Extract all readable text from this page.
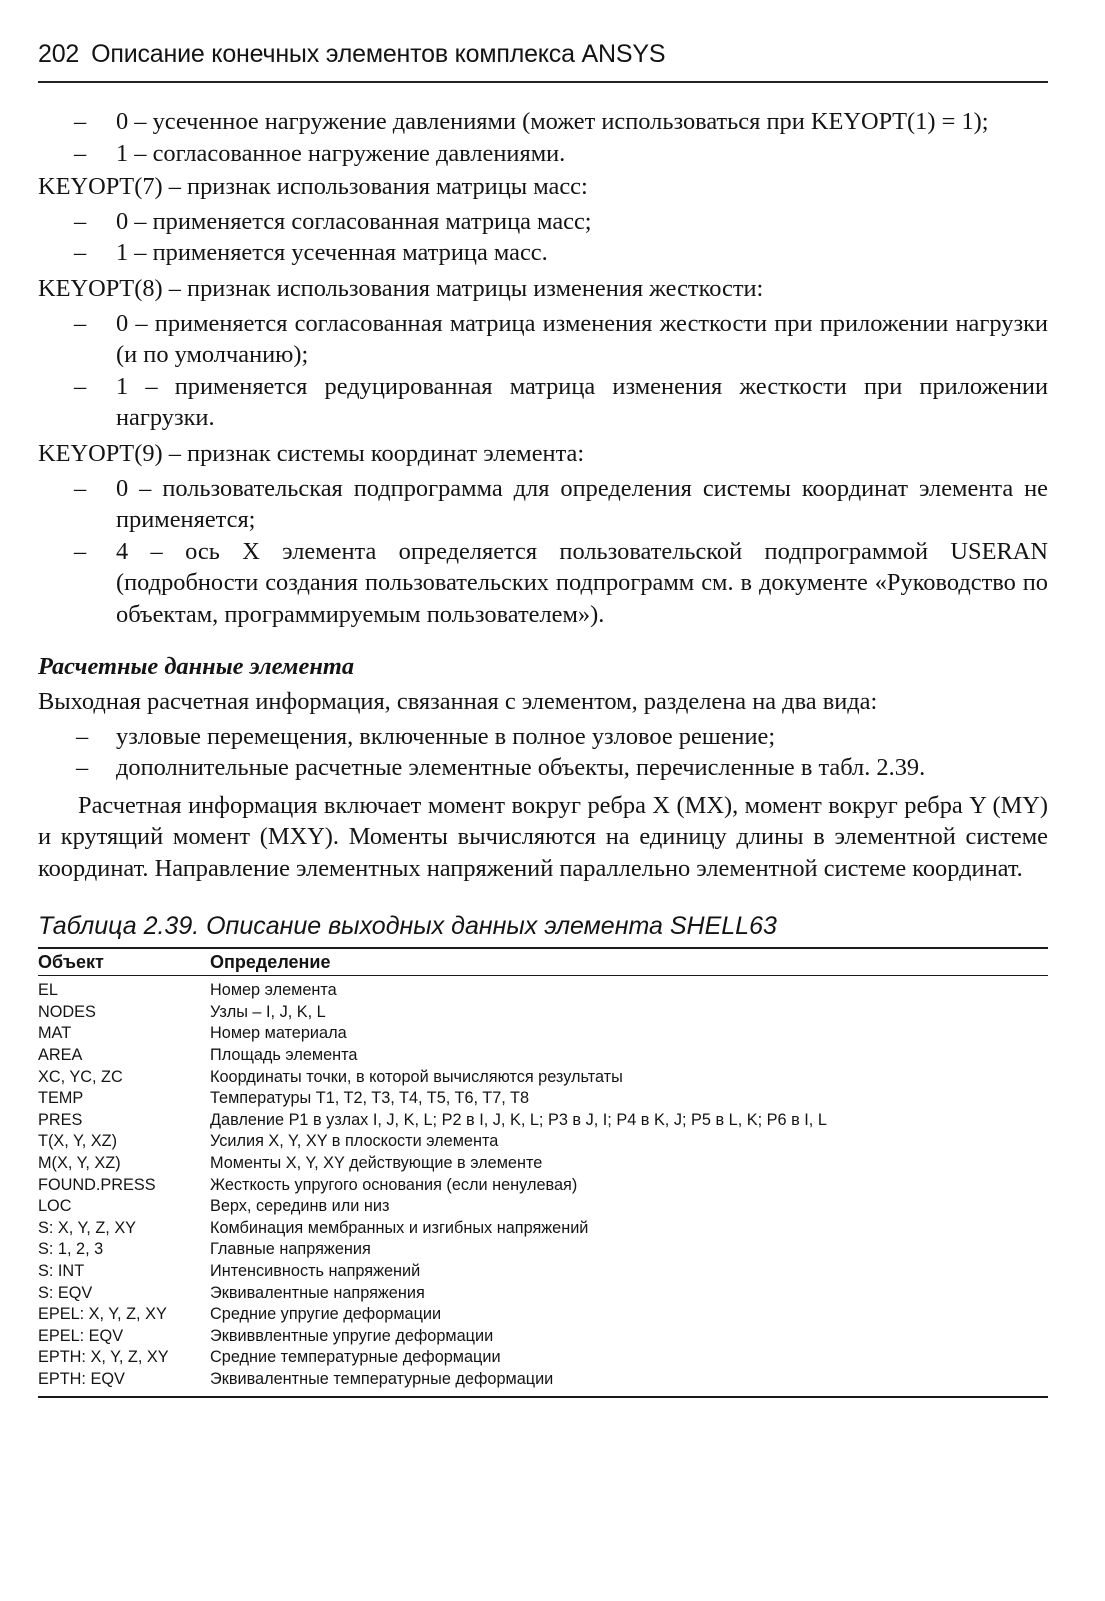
202 Описание конечных элементов комплекса ANSYS
– 0 – усеченное нагружение давлениями (может использоваться при KEYOPT(1) = 1);
– 1 – согласованное нагружение давлениями.

KEYOPT(7) – признак использования матрицы масс:

– 0 – применяется согласованная матрица масс;
– 1 – применяется усеченная матрица масс.

KEYOPT(8) – признак использования матрицы изменения жесткости:

– 0 – применяется согласованная матрица изменения жесткости при приложении нагрузки (и по умолчанию);
– 1 – применяется редуцированная матрица изменения жесткости при приложении нагрузки.

KEYOPT(9) – признак системы координат элемента:

– 0 – пользовательская подпрограмма для определения системы координат элемента не применяется;
– 4 – ось X элемента определяется пользовательской подпрограммой USERAN (подробности создания пользовательских подпрограмм см. в документе «Руководство по объектам, программируемым пользователем»).

Расчетные данные элемента

Выходная расчетная информация, связанная с элементом, разделена на два вида:

– узловые перемещения, включенные в полное узловое решение;
– дополнительные расчетные элементные объекты, перечисленные в табл. 2.39.

Расчетная информация включает момент вокруг ребра X (MX), момент вокруг ребра Y (MY) и крутящий момент (MXY). Моменты вычисляются на единицу длины в элементной системе координат. Направление элементных напряжений параллельно элементной системе координат.

Таблица 2.39. Описание выходных данных элемента SHELL63
Объект	Определение
EL	Номер элемента
NODES	Узлы – I, J, K, L
MAT	Номер материала
AREA	Площадь элемента
XC, YC, ZC	Координаты точки, в которой вычисляются результаты
TEMP	Температуры T1, T2, T3, T4, T5, T6, T7, T8
PRES	Давление P1 в узлах I, J, K, L; P2 в I, J, K, L; P3 в J, I; P4 в K, J; P5 в L, K; P6 в I, L
T(X, Y, XZ)	Усилия X, Y, XY в плоскости элемента
M(X, Y, XZ)	Моменты X, Y, XY действующие в элементе
FOUND.PRESS	Жесткость упругого основания (если ненулевая)
LOC	Верх, серединв или низ
S: X, Y, Z, XY	Комбинация мембранных и изгибных напряжений
S: 1, 2, 3	Главные напряжения
S: INT	Интенсивность напряжений
S: EQV	Эквивалентные напряжения
EPEL: X, Y, Z, XY	Средние упругие деформации
EPEL: EQV	Эквиввлентные упругие деформации
EPTH: X, Y, Z, XY	Средние температурные деформации
EPTH: EQV	Эквивалентные температурные деформации
